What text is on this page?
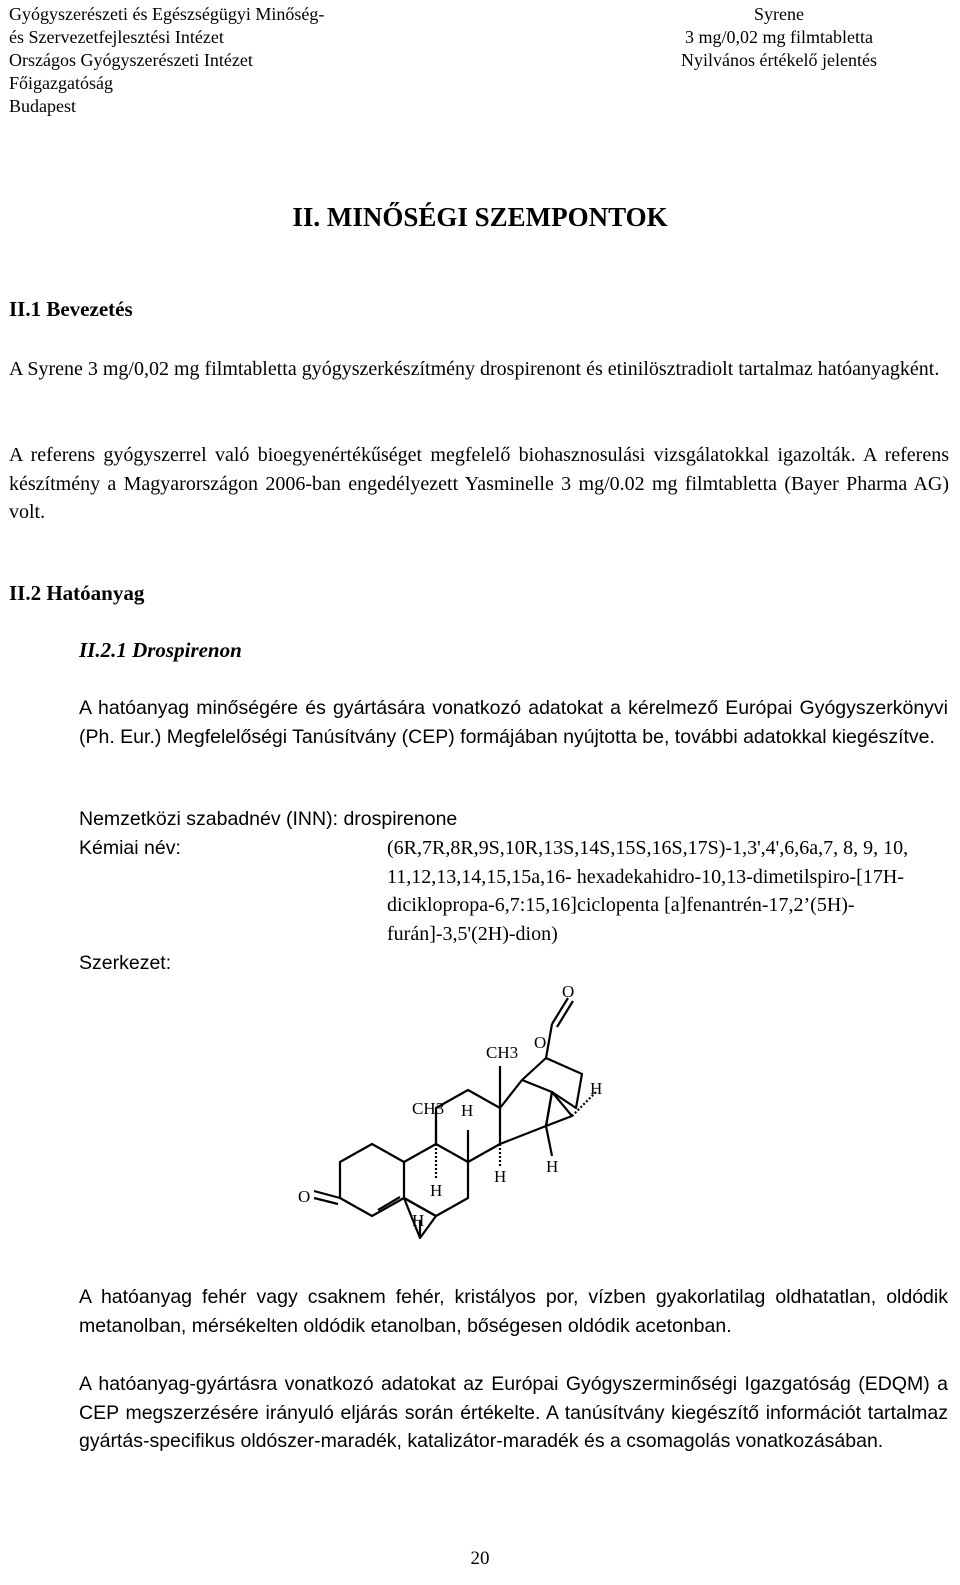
Gyógyszerészeti és Egészségügyi Minőség-
és Szervezetfejlesztési Intézet
Országos Gyógyszerészeti Intézet
Főigazgatóság
Budapest
Syrene
3 mg/0,02 mg filmtabletta
Nyilvános értékelő jelentés
II. MINŐSÉGI SZEMPONTOK
II.1 Bevezetés
A Syrene 3 mg/0,02 mg filmtabletta gyógyszerkészítmény drospirenont és etinilösztradiolt tartalmaz hatóanyagként.
A referens gyógyszerrel való bioegyenértékűséget megfelelő biohasznosulási vizsgálatokkal igazolták. A referens készítmény a Magyarországon 2006-ban engedélyezett Yasminelle 3 mg/0.02 mg filmtabletta (Bayer Pharma AG) volt.
II.2 Hatóanyag
II.2.1 Drospirenon
A hatóanyag minőségére és gyártására vonatkozó adatokat a kérelmező Európai Gyógyszerkönyvi (Ph. Eur.) Megfelelőségi Tanúsítvány (CEP) formájában nyújtotta be, további adatokkal kiegészítve.
Nemzetközi szabadnév (INN): drospirenone
Kémiai név:	(6R,7R,8R,9S,10R,13S,14S,15S,16S,17S)-1,3',4',6,6a,7, 8, 9, 10, 11,12,13,14,15,15a,16- hexadekahidro-10,13-dimetilspiro-[17H-diciklopropa-6,7:15,16]ciclopenta [a]fenantrén-17,2’(5H)-furán]-3,5'(2H)-dion)
Szerkezet:
O
O
O
CH3
CH3 H
H
H
H
H
H
A hatóanyag fehér vagy csaknem fehér, kristályos por, vízben gyakorlatilag oldhatatlan, oldódik metanolban, mérsékelten oldódik etanolban, bőségesen oldódik acetonban.
A hatóanyag-gyártásra vonatkozó adatokat az Európai Gyógyszerminőségi Igazgatóság (EDQM) a CEP megszerzésére irányuló eljárás során értékelte. A tanúsítvány kiegészítő információt tartalmaz gyártás-specifikus oldószer-maradék, katalizátor-maradék és a csomagolás vonatkozásában.
20
